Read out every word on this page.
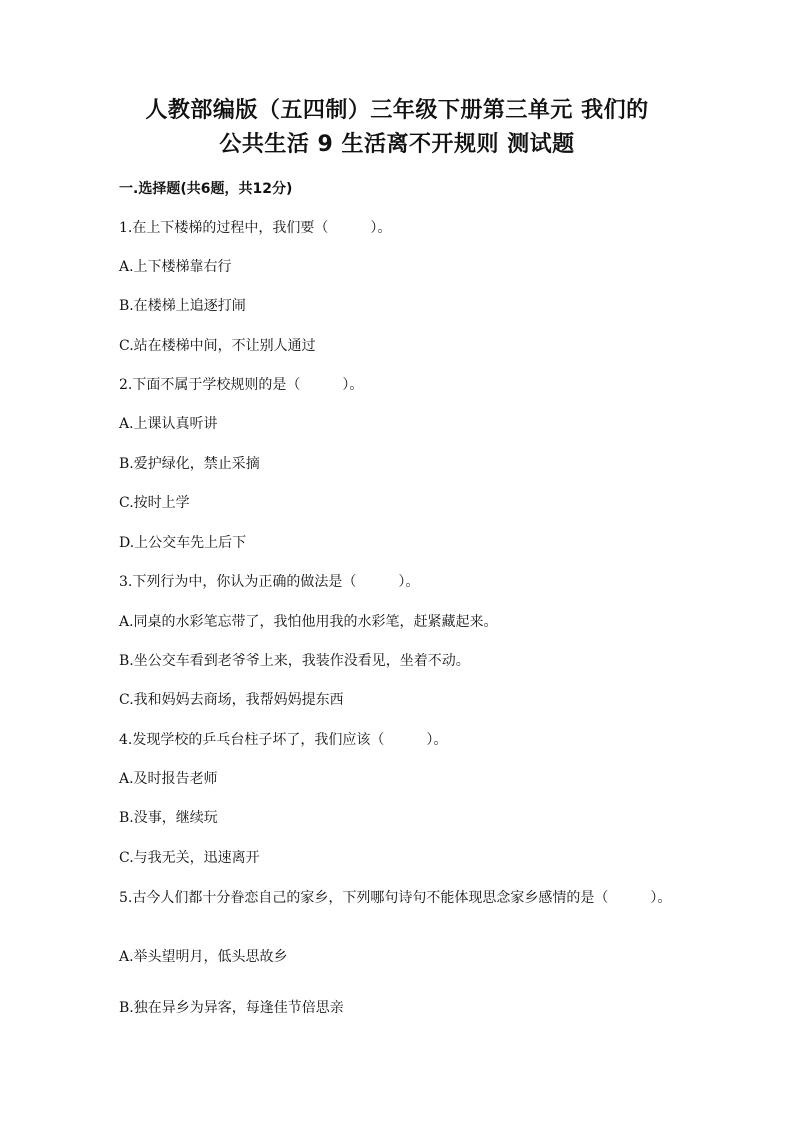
人教部编版（五四制）三年级下册第三单元 我们的
公共生活 9 生活离不开规则 测试题
一.选择题(共6题，共12分)

1.在上下楼梯的过程中，我们要（　　　）。

A.上下楼梯靠右行

B.在楼梯上追逐打闹

C.站在楼梯中间，不让别人通过

2.下面不属于学校规则的是（　　　）。

A.上课认真听讲

B.爱护绿化，禁止采摘

C.按时上学

D.上公交车先上后下

3.下列行为中，你认为正确的做法是（　　　）。

A.同桌的水彩笔忘带了，我怕他用我的水彩笔，赶紧藏起来。

B.坐公交车看到老爷爷上来，我装作没看见，坐着不动。

C.我和妈妈去商场，我帮妈妈提东西

4.发现学校的乒乓台柱子坏了，我们应该（　　　）。

A.及时报告老师

B.没事，继续玩

C.与我无关，迅速离开

5.古今人们都十分眷恋自己的家乡，下列哪句诗句不能体现思念家乡感情的是（　　　）。

A.举头望明月，低头思故乡

B.独在异乡为异客，每逢佳节倍思亲
